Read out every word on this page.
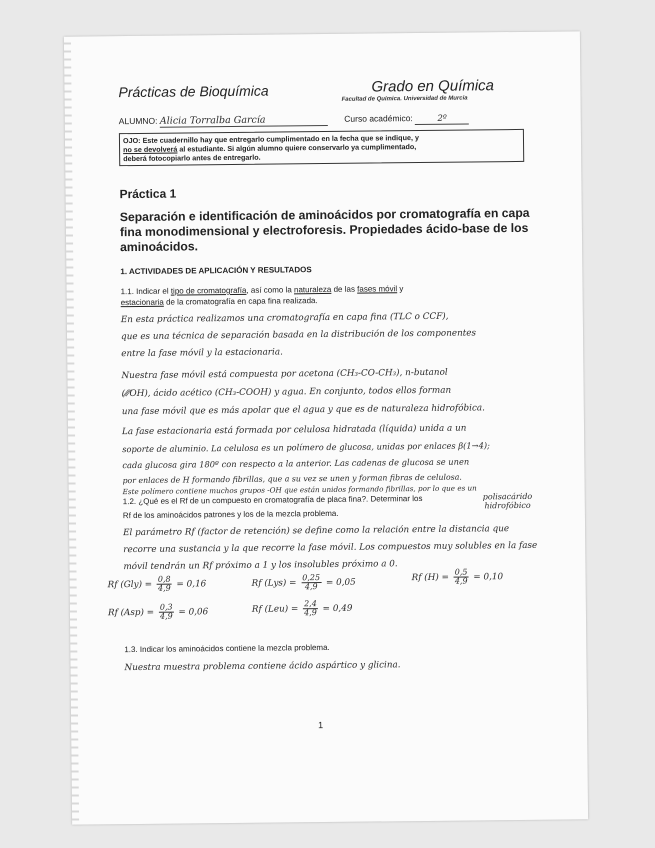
Prácticas de Bioquímica	Grado en Química
Facultad de Química. Universidad de Murcia
ALUMNO: Alicia Torralba García	Curso académico:	2º
OJO: Este cuadernillo hay que entregarlo cumplimentado en la fecha que se indique, y
no se devolverá al estudiante. Si algún alumno quiere conservarlo ya cumplimentado,
deberá fotocopiarlo antes de entregarlo.
Práctica 1
Separación e identificación de aminoácidos por cromatografía en capa fina monodimensional y electroforesis. Propiedades ácido-base de los aminoácidos.
1. ACTIVIDADES DE APLICACIÓN Y RESULTADOS
1.1. Indicar el tipo de cromatografía, así como la naturaleza de las fases móvil y
estacionaria de la cromatografía en capa fina realizada.
En esta práctica realizamos una cromatografía en capa fina (TLC o CCF),
que es una técnica de separación basada en la distribución de los componentes
entre la fase móvil y la estacionaria.
Nuestra fase móvil está compuesta por acetona (CH₃-CO-CH₃), n-butanol
(⁄⁄⁄OH), ácido acético (CH₃-COOH) y agua. En conjunto, todos ellos forman
una fase móvil que es más apolar que el agua y que es de naturaleza hidrofóbica.
La fase estacionaria está formada por celulosa hidratada (líquida) unida a un
soporte de aluminio. La celulosa es un polímero de glucosa, unidas por enlaces β(1→4);
cada glucosa gira 180º con respecto a la anterior. Las cadenas de glucosa se unen
por enlaces de H formando fibrillas, que a su vez se unen y forman fibras de celulosa.
Este polímero contiene muchos grupos -OH que están unidos formando fibrillas, por lo que es un
polisacárido
hidrofóbico
1.2. ¿Qué es el Rf de un compuesto en cromatografía de placa fina?. Determinar los
Rf de los aminoácidos patrones y los de la mezcla problema.
El parámetro Rf (factor de retención) se define como la relación entre la distancia que
recorre una sustancia y la que recorre la fase móvil. Los compuestos muy solubles en la fase
móvil tendrán un Rf próximo a 1 y los insolubles próximo a 0.
Rf $(Gly) = \frac{0,8}{4,9} = 0,16$	Rf $(Lys) = \frac{0,25}{4,9} = 0,05$	Rf $(H) = \frac{0,5}{4,9} = 0,10$
Rf $(Asp) = \frac{0,3}{4,9} = 0,06$	Rf $(Leu) = \frac{2,4}{4,9} = 0,49$
1.3. Indicar los aminoácidos contiene la mezcla problema.
Nuestra muestra problema contiene ácido aspártico y glicina.
1
